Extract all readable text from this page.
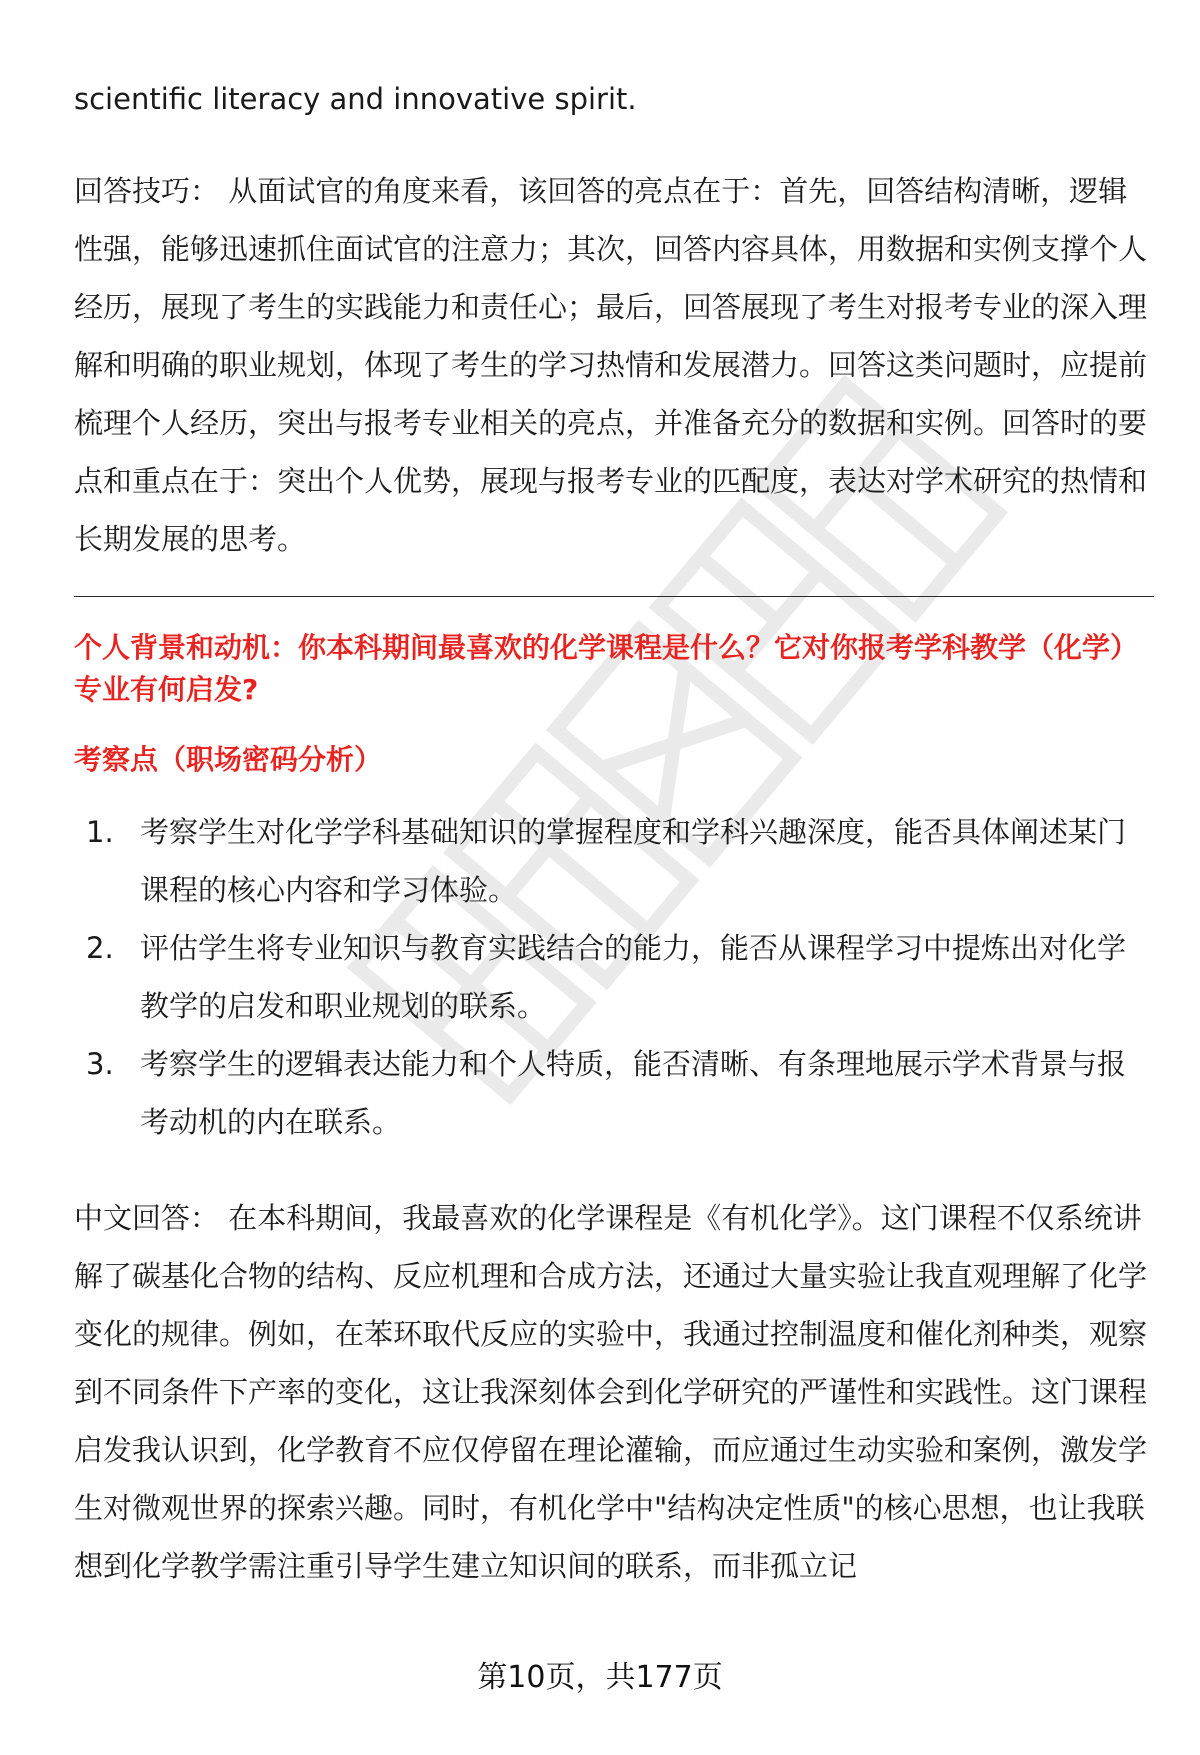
scientific literacy and innovative spirit.

回答技巧： 从面试官的角度来看，该回答的亮点在于：首先，回答结构清晰，逻辑性强，能够迅速抓住面试官的注意力；其次，回答内容具体，用数据和实例支撑个人经历，展现了考生的实践能力和责任心；最后，回答展现了考生对报考专业的深入理解和明确的职业规划，体现了考生的学习热情和发展潜力。回答这类问题时，应提前梳理个人经历，突出与报考专业相关的亮点，并准备充分的数据和实例。回答时的要点和重点在于：突出个人优势，展现与报考专业的匹配度，表达对学术研究的热情和长期发展的思考。

个人背景和动机：你本科期间最喜欢的化学课程是什么？它对你报考学科教学（化学）专业有何启发?

考察点（职场密码分析）

1. 考察学生对化学学科基础知识的掌握程度和学科兴趣深度，能否具体阐述某门课程的核心内容和学习体验。
2. 评估学生将专业知识与教育实践结合的能力，能否从课程学习中提炼出对化学教学的启发和职业规划的联系。
3. 考察学生的逻辑表达能力和个人特质，能否清晰、有条理地展示学术背景与报考动机的内在联系。

中文回答： 在本科期间，我最喜欢的化学课程是《有机化学》。这门课程不仅系统讲解了碳基化合物的结构、反应机理和合成方法，还通过大量实验让我直观理解了化学变化的规律。例如，在苯环取代反应的实验中，我通过控制温度和催化剂种类，观察到不同条件下产率的变化，这让我深刻体会到化学研究的严谨性和实践性。这门课程启发我认识到，化学教育不应仅停留在理论灌输，而应通过生动实验和案例，激发学生对微观世界的探索兴趣。同时，有机化学中"结构决定性质"的核心思想，也让我联想到化学教学需注重引导学生建立知识间的联系，而非孤立记

第10页，共177页
